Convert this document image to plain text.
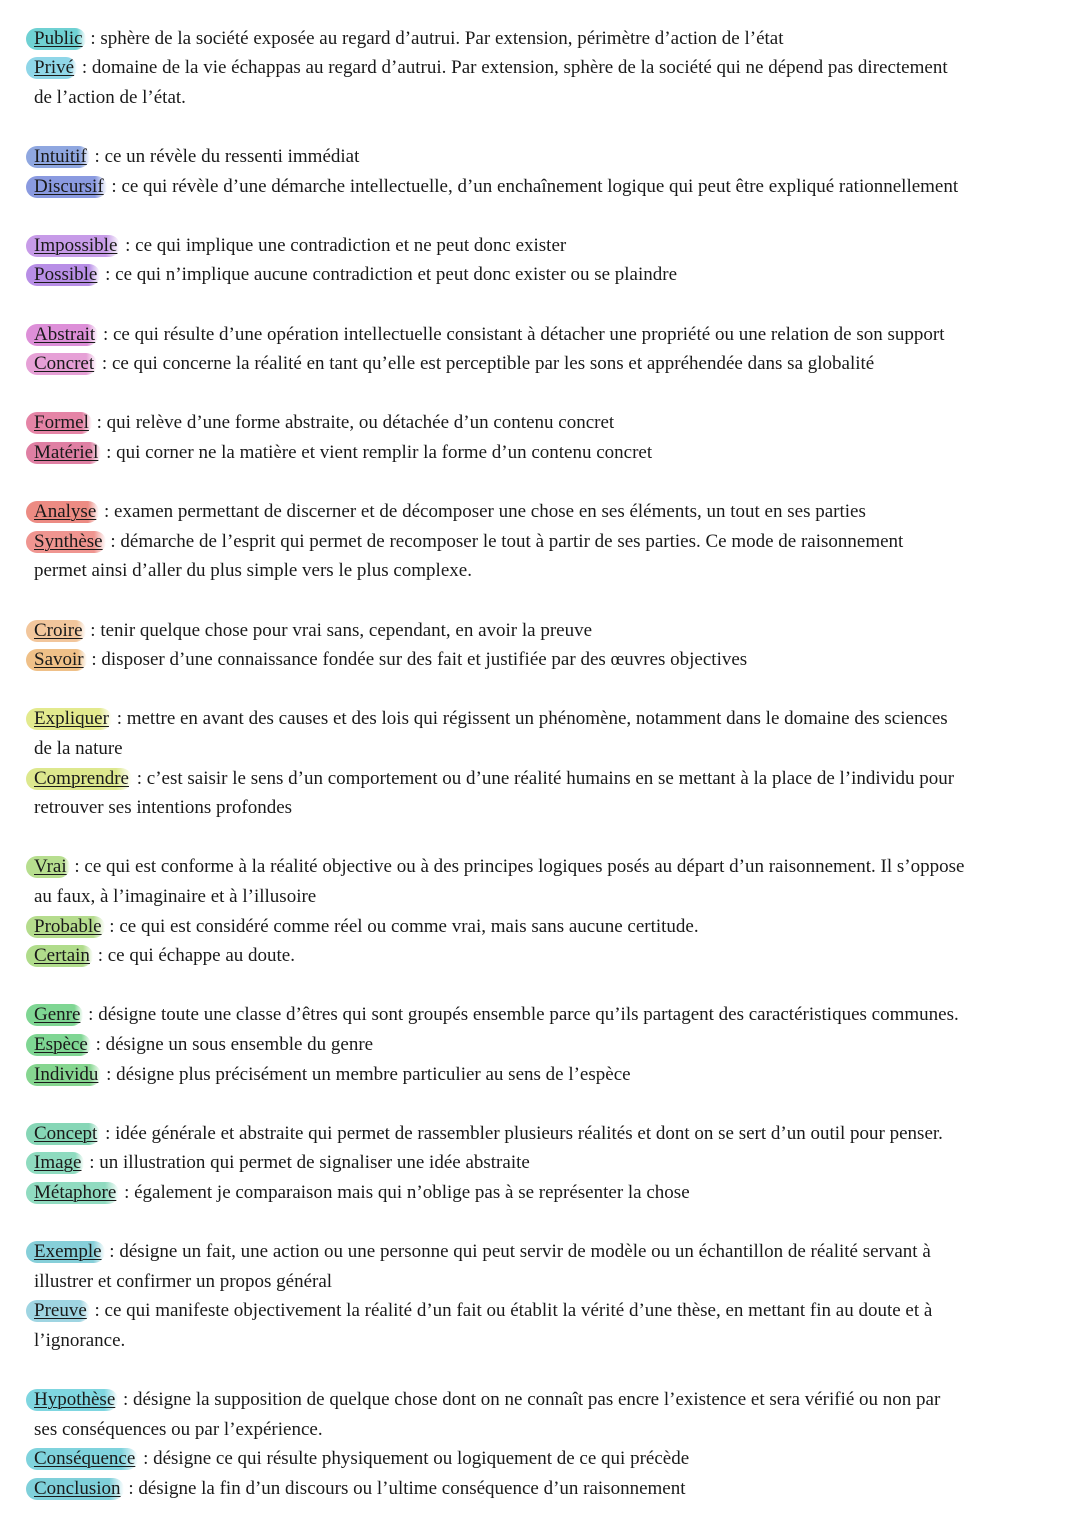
Public : sphère de la société exposée au regard d’autrui. Par extension, périmètre d’action de l’état
Privé : domaine de la vie échappas au regard d’autrui. Par extension, sphère de la société qui ne dépend pas directement
de l’action de l’état.
Intuitif : ce un révèle du ressenti immédiat
Discursif : ce qui révèle d’une démarche intellectuelle, d’un enchaînement logique qui peut être expliqué rationnellement
Impossible : ce qui implique une contradiction et ne peut donc exister
Possible : ce qui n’implique aucune contradiction et peut donc exister ou se plaindre
Abstrait : ce qui résulte d’une opération intellectuelle consistant à détacher une propriété ou une relation de son support
Concret : ce qui concerne la réalité en tant qu’elle est perceptible par les sons et appréhendée dans sa globalité
Formel : qui relève d’une forme abstraite, ou détachée d’un contenu concret
Matériel : qui corner ne la matière et vient remplir la forme d’un contenu concret
Analyse : examen permettant de discerner et de décomposer une chose en ses éléments, un tout en ses parties
Synthèse : démarche de l’esprit qui permet de recomposer le tout à partir de ses parties. Ce mode de raisonnement
permet ainsi d’aller du plus simple vers le plus complexe.
Croire : tenir quelque chose pour vrai sans, cependant, en avoir la preuve
Savoir : disposer d’une connaissance fondée sur des fait et justifiée par des œuvres objectives
Expliquer : mettre en avant des causes et des lois qui régissent un phénomène, notamment dans le domaine des sciences
de la nature
Comprendre : c’est saisir le sens d’un comportement ou d’une réalité humains en se mettant à la place de l’individu pour
retrouver ses intentions profondes
Vrai : ce qui est conforme à la réalité objective ou à des principes logiques posés au départ d’un raisonnement. Il s’oppose
au faux, à l’imaginaire et à l’illusoire
Probable : ce qui est considéré comme réel ou comme vrai, mais sans aucune certitude.
Certain : ce qui échappe au doute.
Genre : désigne toute une classe d’êtres qui sont groupés ensemble parce qu’ils partagent des caractéristiques communes.
Espèce : désigne un sous ensemble du genre
Individu : désigne plus précisément un membre particulier au sens de l’espèce
Concept : idée générale et abstraite qui permet de rassembler plusieurs réalités et dont on se sert d’un outil pour penser.
Image : un illustration qui permet de signaliser une idée abstraite
Métaphore : également je comparaison mais qui n’oblige pas à se représenter la chose
Exemple : désigne un fait, une action ou une personne qui peut servir de modèle ou un échantillon de réalité servant à
illustrer et confirmer un propos général
Preuve : ce qui manifeste objectivement la réalité d’un fait ou établit la vérité d’une thèse, en mettant fin au doute et à
l’ignorance.
Hypothèse : désigne la supposition de quelque chose dont on ne connaît pas encre l’existence et sera vérifié ou non par
ses conséquences ou par l’expérience.
Conséquence : désigne ce qui résulte physiquement ou logiquement de ce qui précède
Conclusion : désigne la fin d’un discours ou l’ultime conséquence d’un raisonnement
